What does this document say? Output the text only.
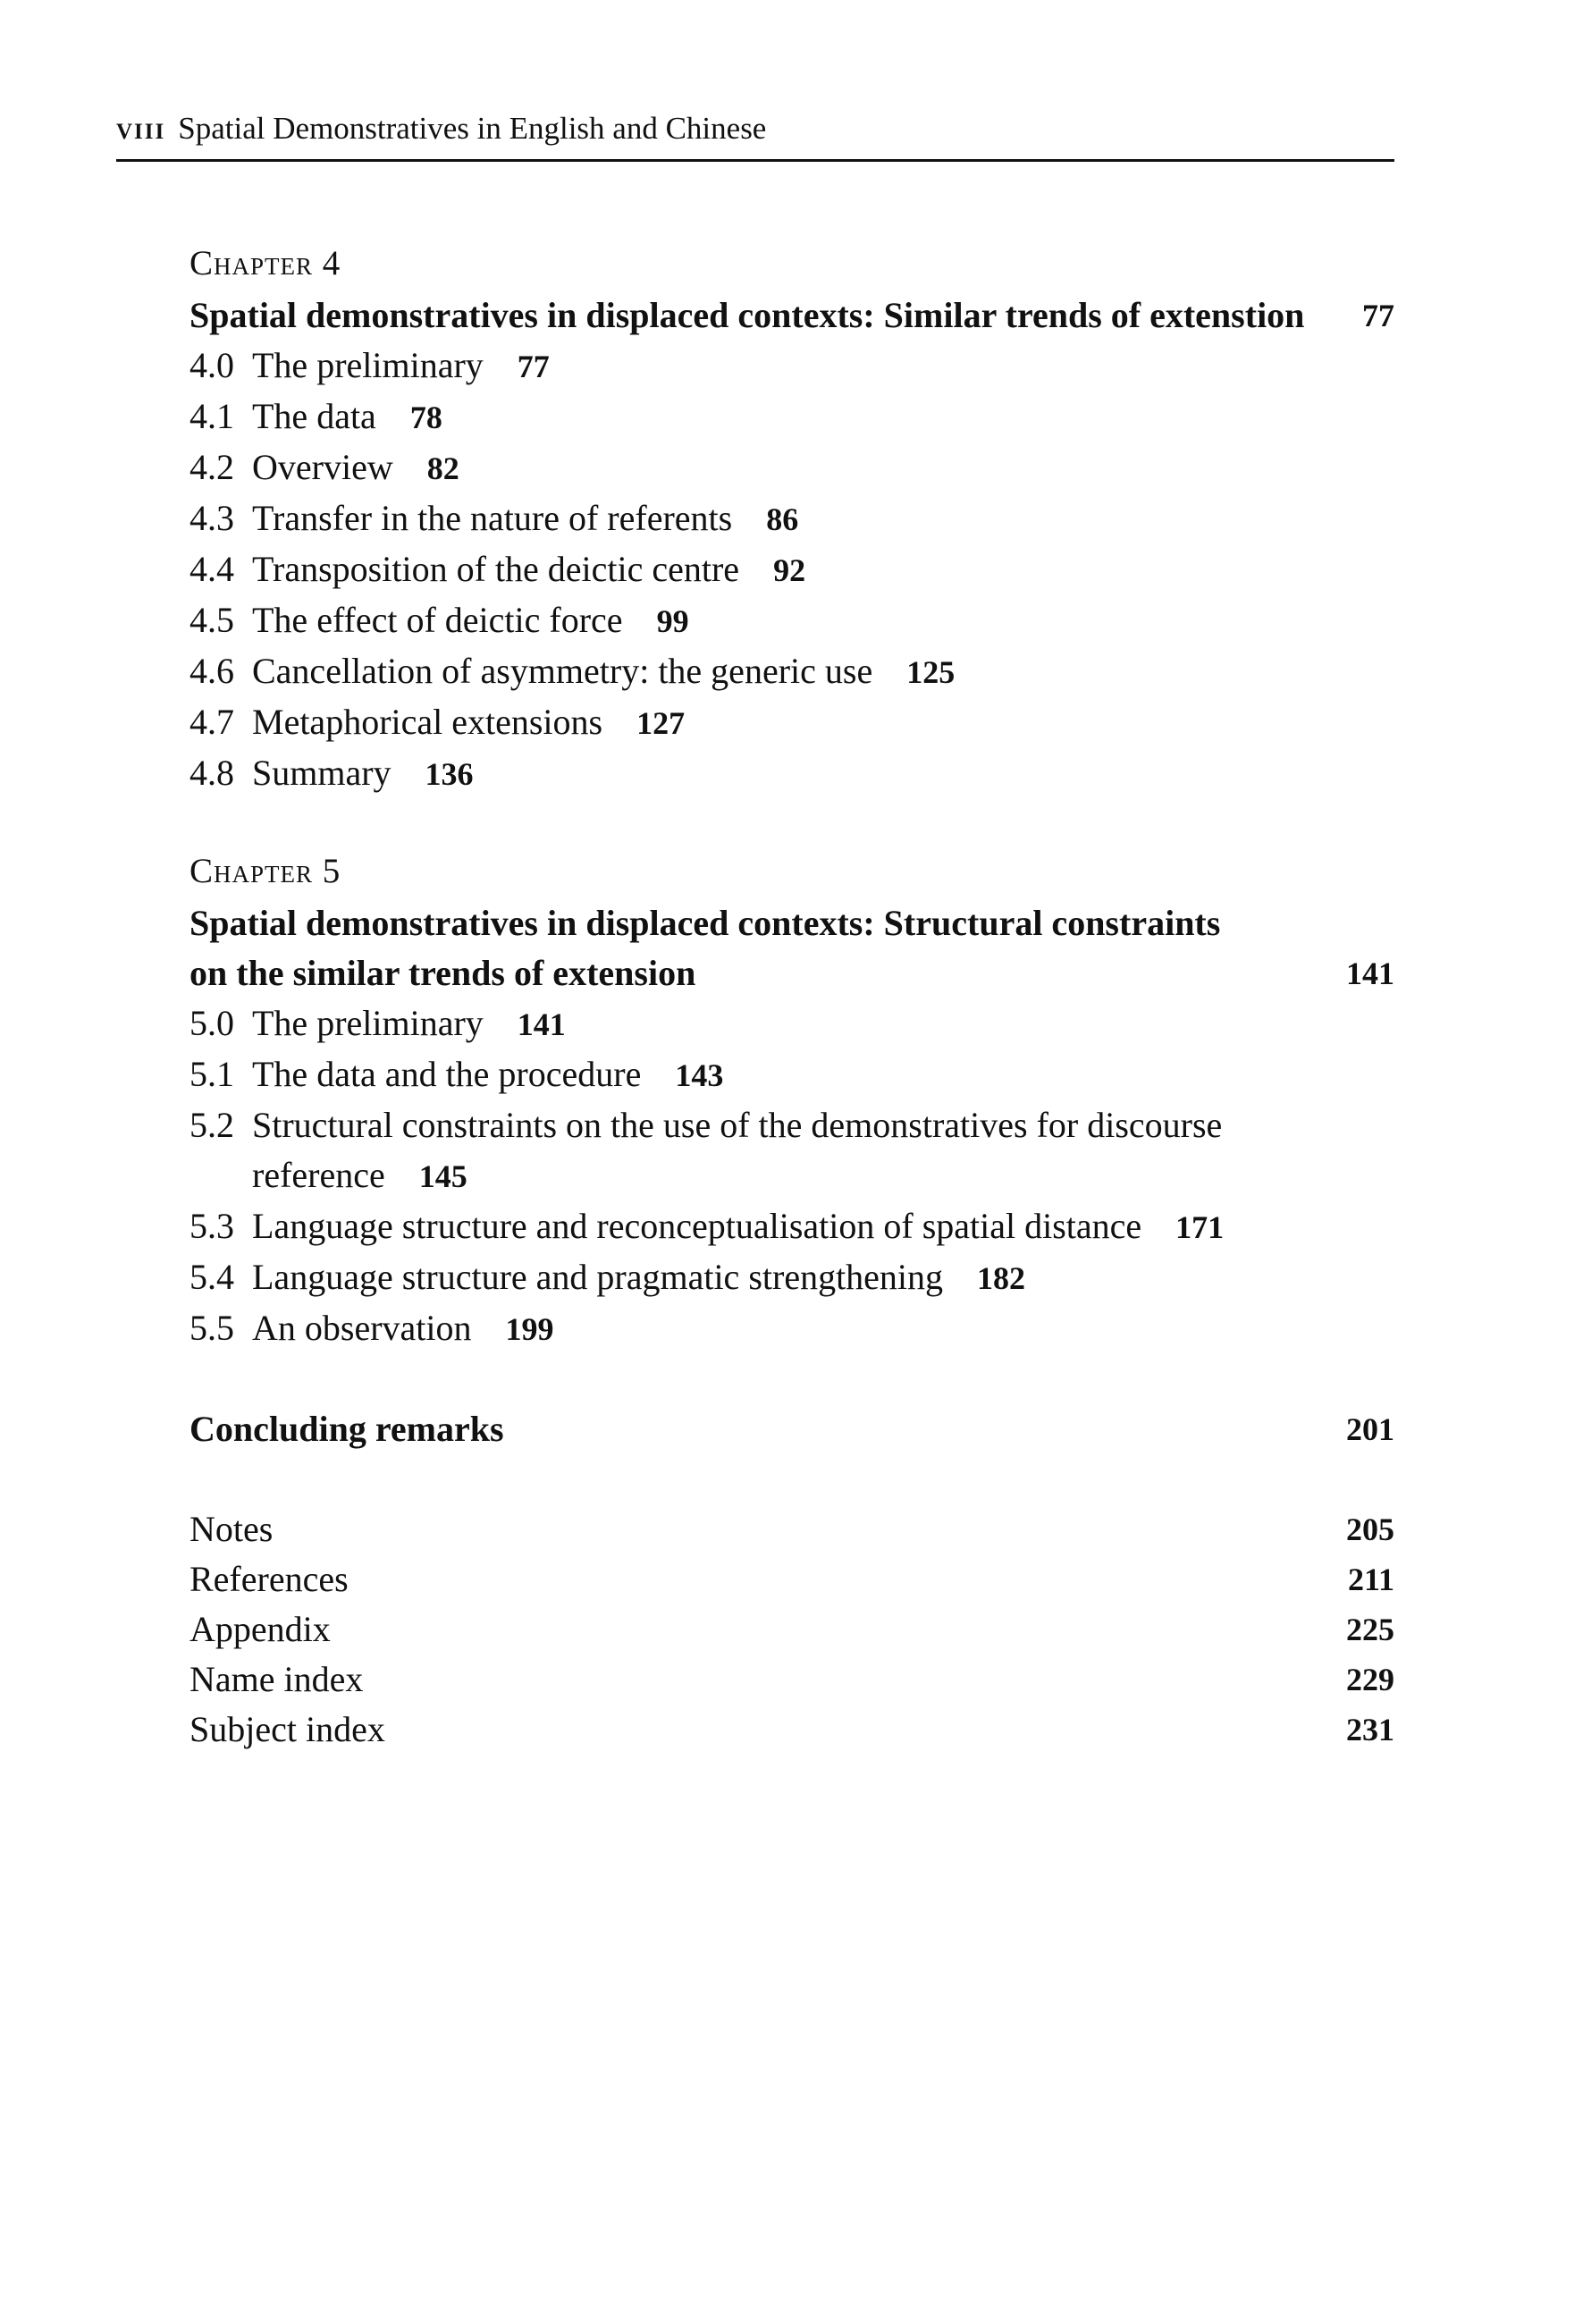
viii Spatial Demonstratives in English and Chinese
Chapter 4
Spatial demonstratives in displaced contexts: Similar trends of extenstion 77
4.0 The preliminary 77
4.1 The data 78
4.2 Overview 82
4.3 Transfer in the nature of referents 86
4.4 Transposition of the deictic centre 92
4.5 The effect of deictic force 99
4.6 Cancellation of asymmetry: the generic use 125
4.7 Metaphorical extensions 127
4.8 Summary 136
Chapter 5
Spatial demonstratives in displaced contexts: Structural constraints
on the similar trends of extension	141
5.0 The preliminary 141
5.1 The data and the procedure 143
5.2 Structural constraints on the use of the demonstratives for discourse
reference 145
5.3 Language structure and reconceptualisation of spatial distance 171
5.4 Language structure and pragmatic strengthening 182
5.5 An observation 199
Concluding remarks	201
Notes	205
References	211
Appendix	225
Name index	229
Subject index	231
